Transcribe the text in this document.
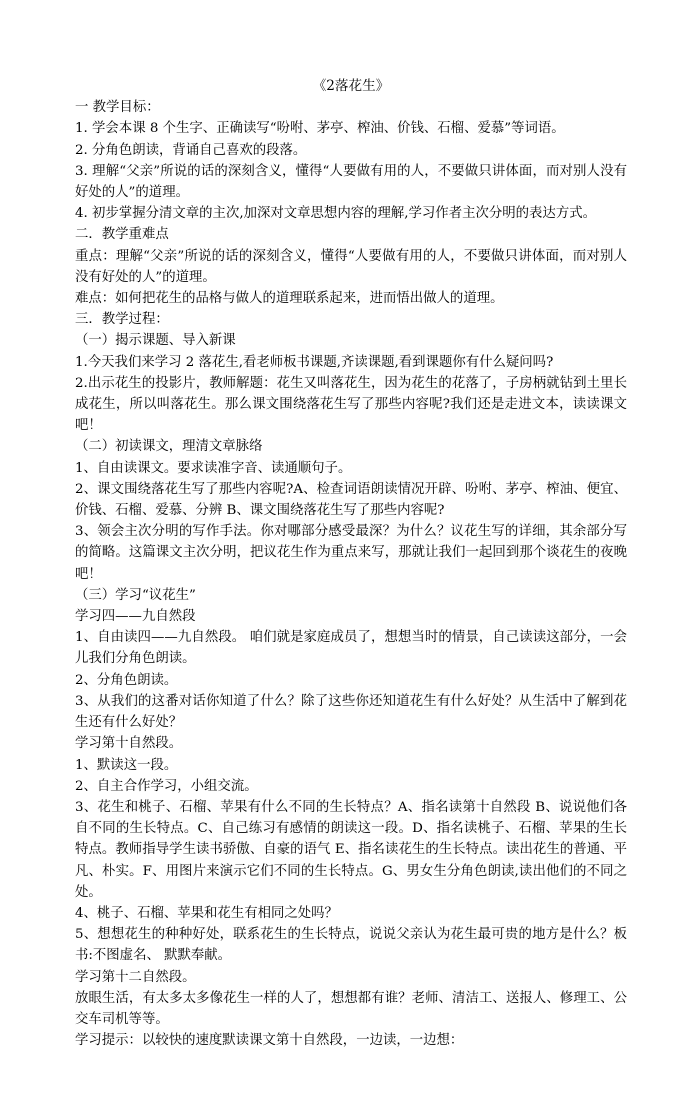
《2落花生》

一 教学目标：

1. 学会本课 8 个生字、正确读写“吩咐、茅亭、榨油、价钱、石榴、爱慕”等词语。

2. 分角色朗读，背诵自己喜欢的段落。

3. 理解“父亲”所说的话的深刻含义，懂得“人要做有用的人，不要做只讲体面，而对别人没有好处的人”的道理。

4. 初步掌握分清文章的主次,加深对文章思想内容的理解,学习作者主次分明的表达方式。

二．教学重难点

重点：理解“父亲”所说的话的深刻含义，懂得“人要做有用的人，不要做只讲体面，而对别人没有好处的人”的道理。

难点：如何把花生的品格与做人的道理联系起来，进而悟出做人的道理。

三．教学过程：

（一）揭示课题、导入新课

1.今天我们来学习 2 落花生,看老师板书课题,齐读课题,看到课题你有什么疑问吗?

2.出示花生的投影片，教师解题：花生又叫落花生，因为花生的花落了，子房柄就钻到土里长成花生，所以叫落花生。那么课文围绕落花生写了那些内容呢?我们还是走进文本，读读课文吧！

（二）初读课文，理清文章脉络

1、自由读课文。要求读准字音、读通顺句子。

2、课文围绕落花生写了那些内容呢?A、检查词语朗读情况开辟、吩咐、茅亭、榨油、便宜、价钱、石榴、爱慕、分辨 B、课文围绕落花生写了那些内容呢?

3、领会主次分明的写作手法。你对哪部分感受最深？为什么？议花生写的详细，其余部分写的简略。这篇课文主次分明，把议花生作为重点来写，那就让我们一起回到那个谈花生的夜晚吧！

（三）学习“议花生”

学习四——九自然段

1、自由读四——九自然段。 咱们就是家庭成员了，想想当时的情景，自己读读这部分，一会儿我们分角色朗读。

2、分角色朗读。

3、从我们的这番对话你知道了什么？除了这些你还知道花生有什么好处？从生活中了解到花生还有什么好处？

学习第十自然段。

1、默读这一段。

2、自主合作学习，小组交流。

3、花生和桃子、石榴、苹果有什么不同的生长特点？A、指名读第十自然段 B、说说他们各自不同的生长特点。C、自己练习有感情的朗读这一段。D、指名读桃子、石榴、苹果的生长特点。教师指导学生读书骄傲、自豪的语气 E、指名读花生的生长特点。读出花生的普通、平凡、朴实。F、用图片来演示它们不同的生长特点。G、男女生分角色朗读,读出他们的不同之处。

4、桃子、石榴、苹果和花生有相同之处吗？

5、想想花生的种种好处，联系花生的生长特点，说说父亲认为花生最可贵的地方是什么？板书:不图虚名、 默默奉献。

学习第十二自然段。

放眼生活，有太多太多像花生一样的人了，想想都有谁？老师、清洁工、送报人、修理工、公交车司机等等。

学习提示：以较快的速度默读课文第十自然段，一边读，一边想：
